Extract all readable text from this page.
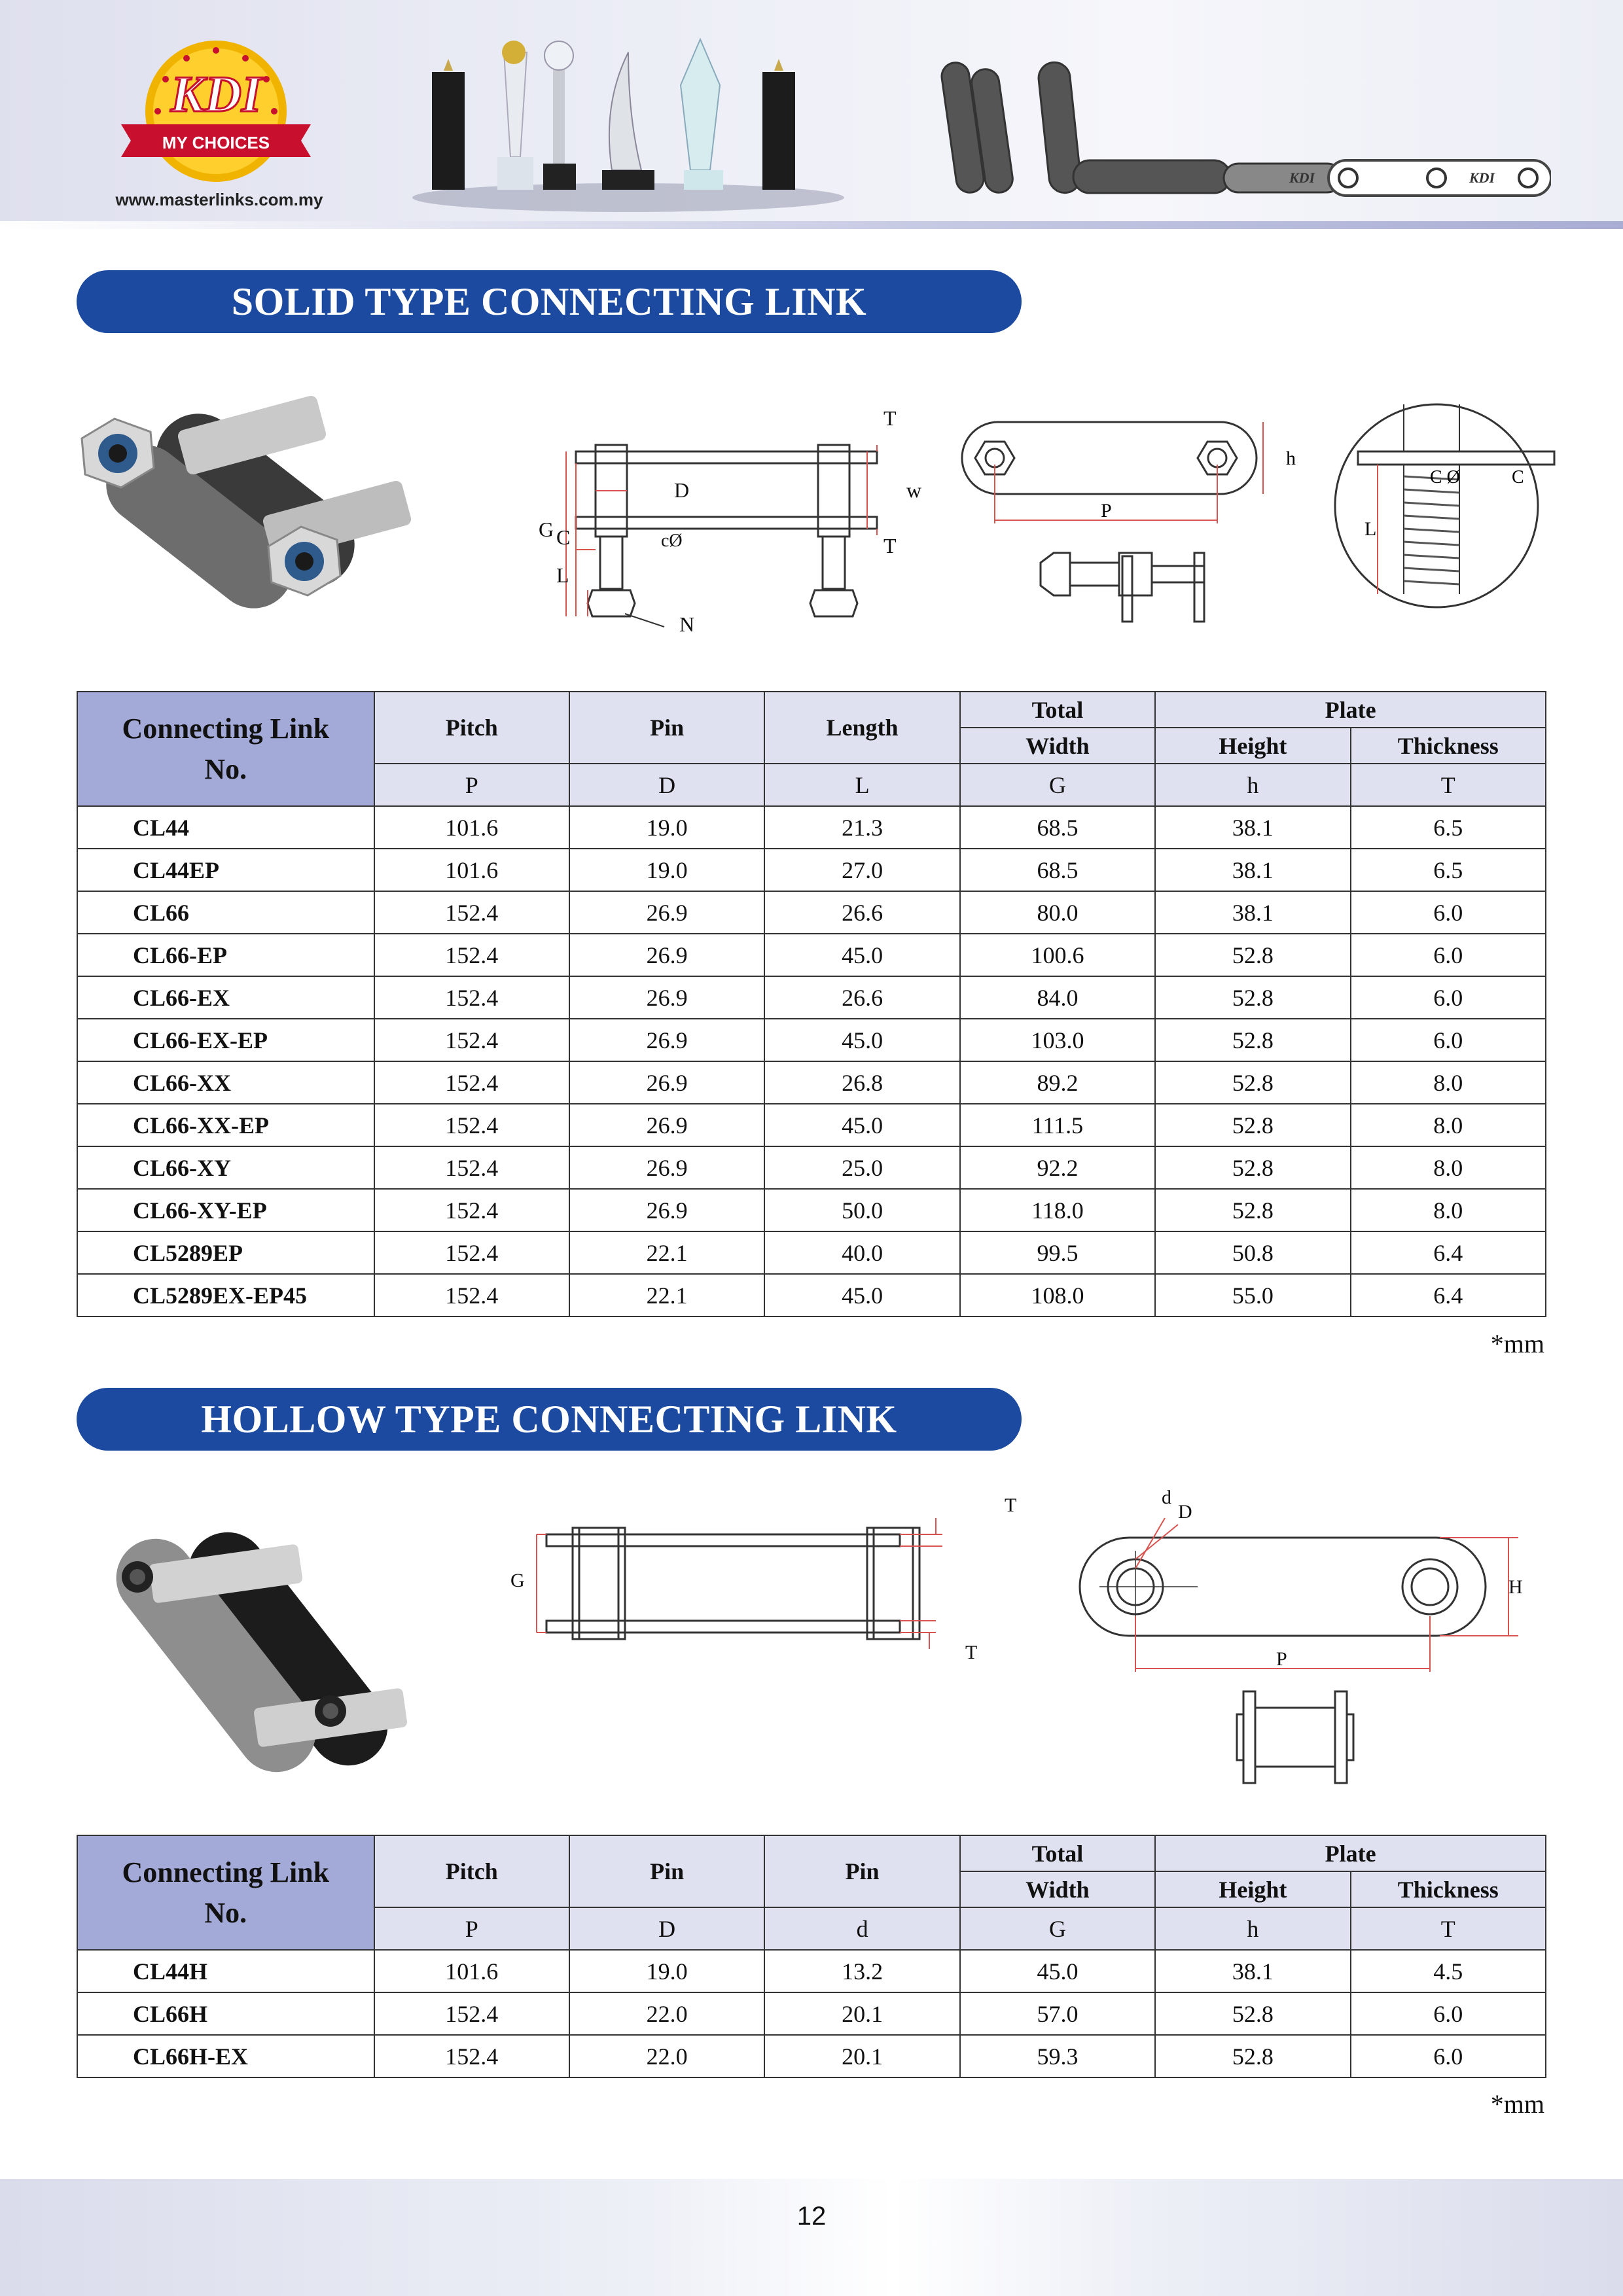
KDI
MY CHOICES
www.masterlinks.com.my
KDI	KDI
SOLID TYPE CONNECTING LINK
T
D	w
G C	cØ	T
L
N
P
h
C Ø	C
L
Connecting Link
No.	Pitch	Pin	Length	Total	Plate	
				Width	Height	Thickness
	P	D	L	G	h	T
CL44	101.6	19.0	21.3	68.5	38.1	6.5
CL44EP	101.6	19.0	27.0	68.5	38.1	6.5
CL66	152.4	26.9	26.6	80.0	38.1	6.0
CL66-EP	152.4	26.9	45.0	100.6	52.8	6.0
CL66-EX	152.4	26.9	26.6	84.0	52.8	6.0
CL66-EX-EP	152.4	26.9	45.0	103.0	52.8	6.0
CL66-XX	152.4	26.9	26.8	89.2	52.8	8.0
CL66-XX-EP	152.4	26.9	45.0	111.5	52.8	8.0
CL66-XY	152.4	26.9	25.0	92.2	52.8	8.0
CL66-XY-EP	152.4	26.9	50.0	118.0	52.8	8.0
CL5289EP	152.4	22.1	40.0	99.5	50.8	6.4
CL5289EX-EP45	152.4	22.1	45.0	108.0	55.0	6.4
*mm
HOLLOW TYPE CONNECTING LINK
T
G
T
d
D
H
P
Connecting Link
No.	Pitch	Pin	Pin	Total	Plate	
				Width	Height	Thickness
	P	D	d	G	h	T
CL44H	101.6	19.0	13.2	45.0	38.1	4.5
CL66H	152.4	22.0	20.1	57.0	52.8	6.0
CL66H-EX	152.4	22.0	20.1	59.3	52.8	6.0
*mm
12
